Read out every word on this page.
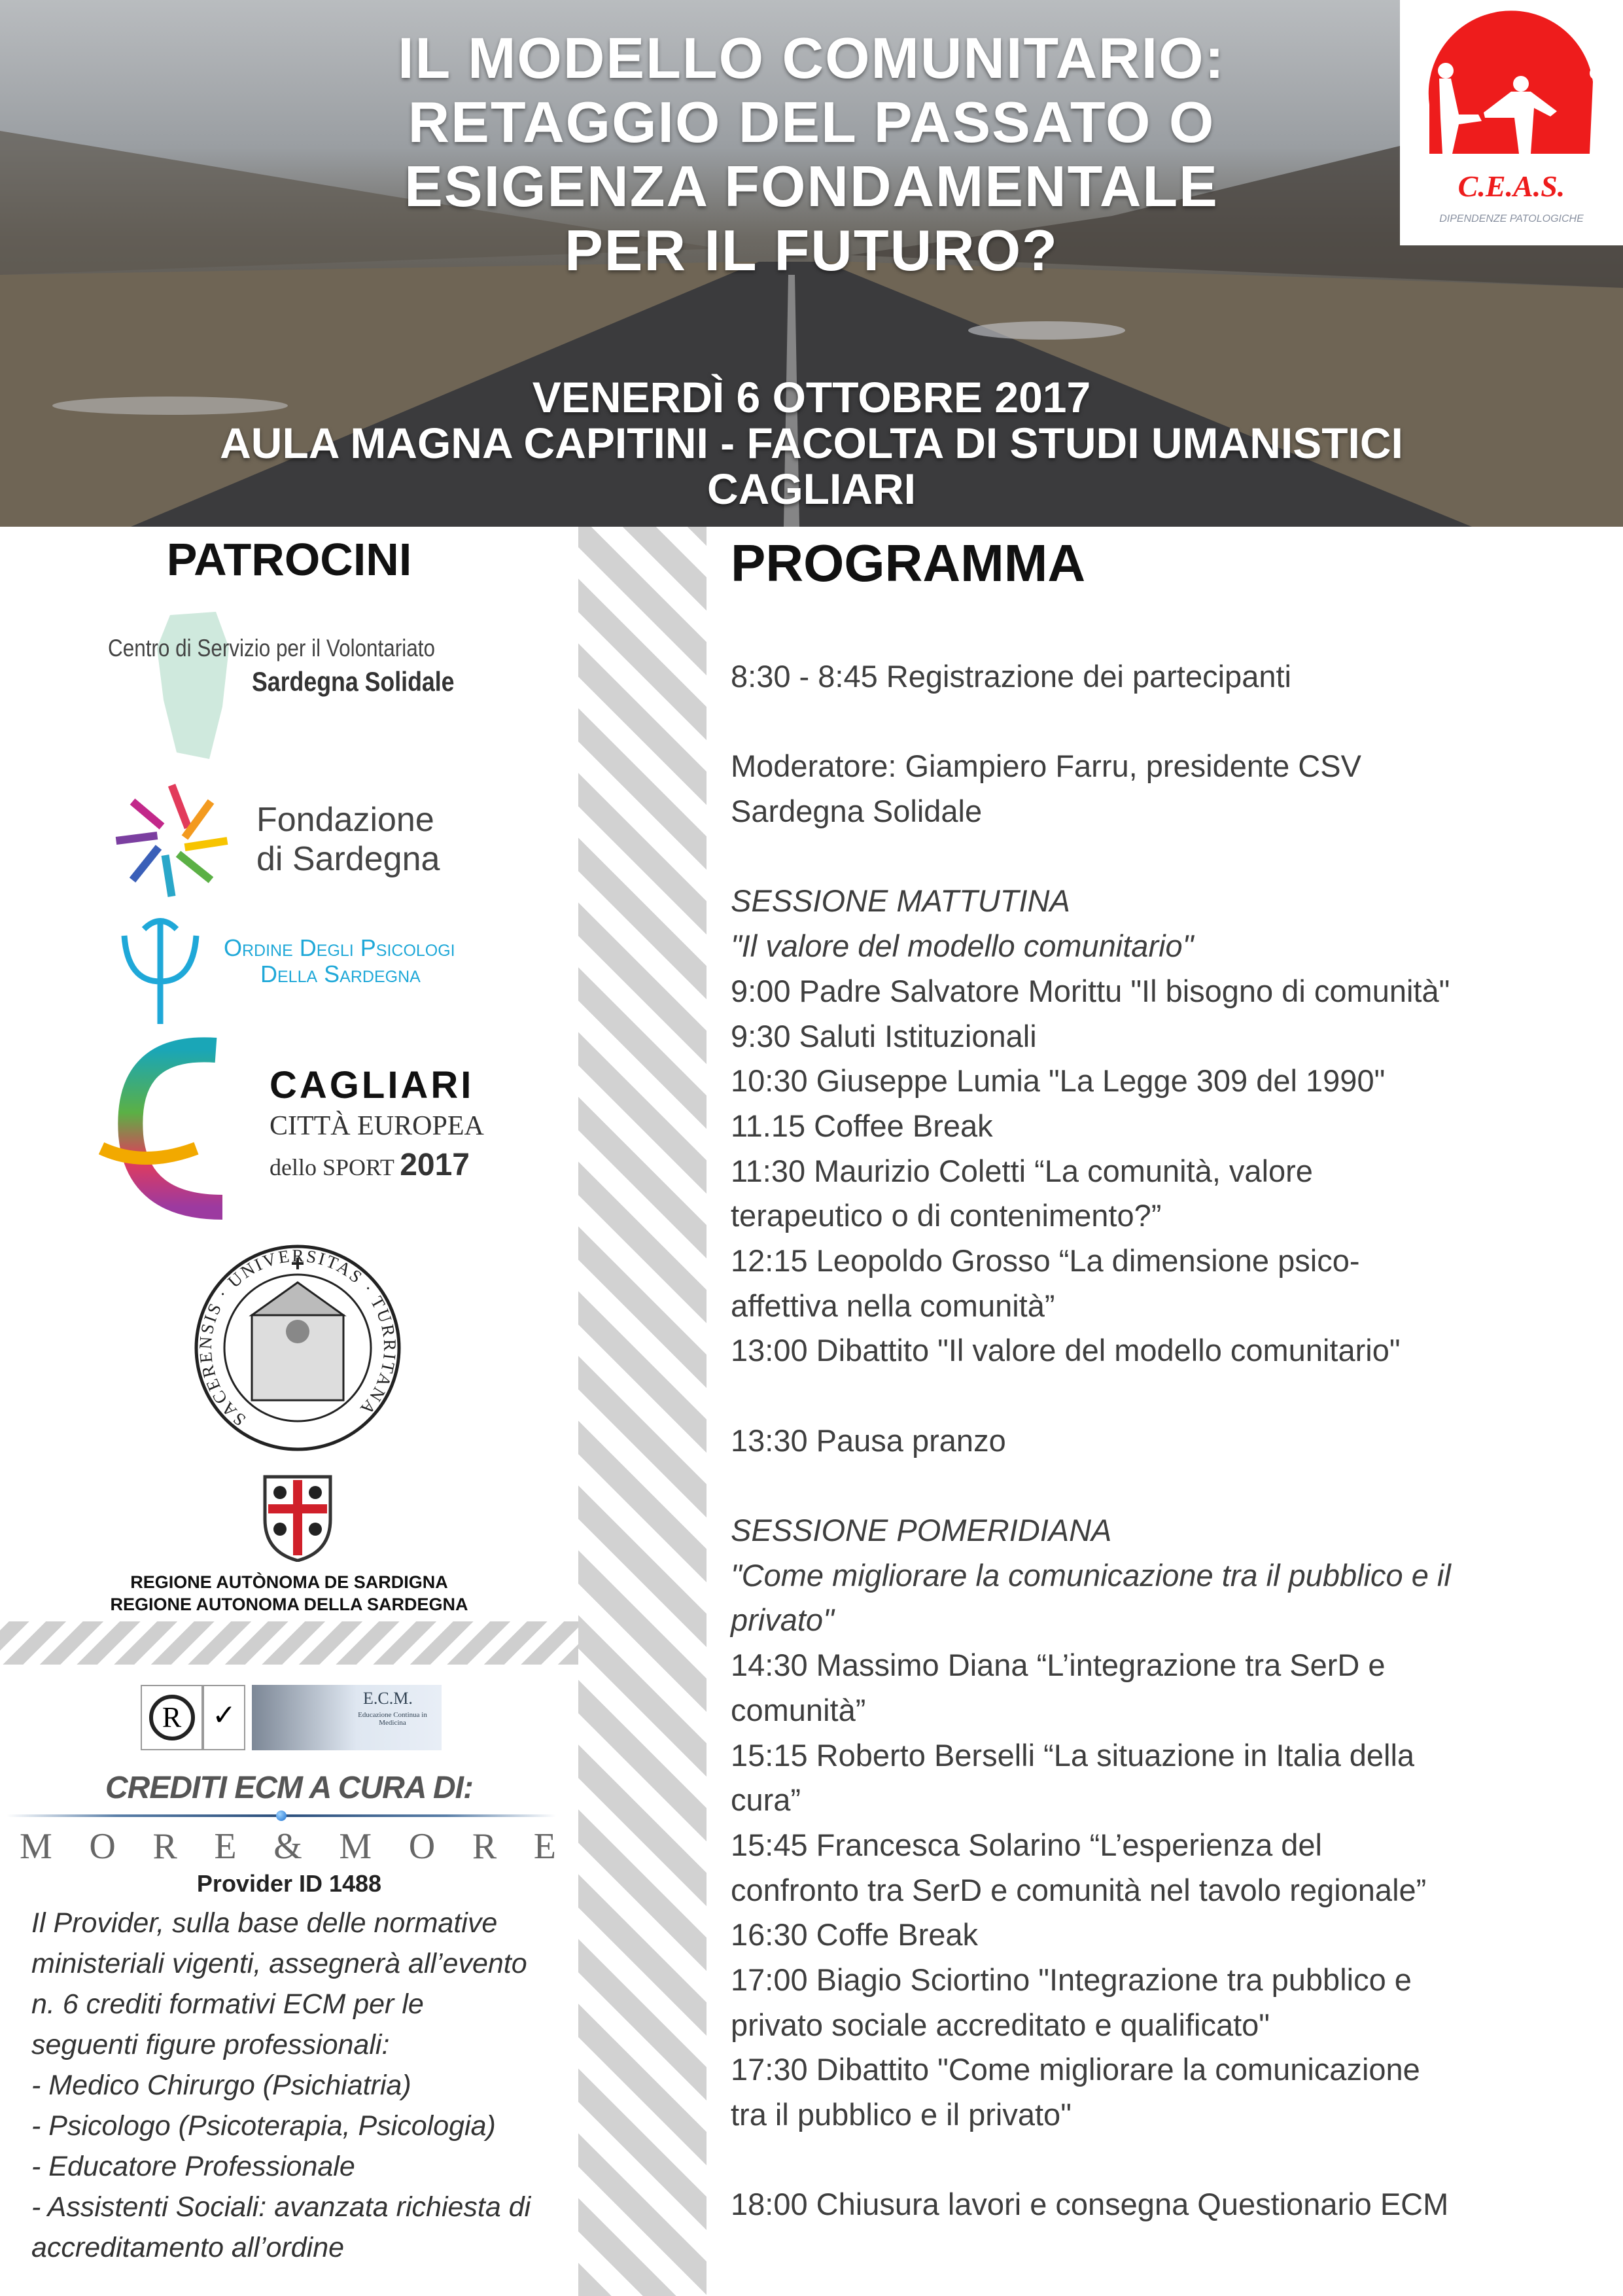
IL MODELLO COMUNITARIO:
RETAGGIO DEL PASSATO O
ESIGENZA FONDAMENTALE
PER IL FUTURO?
VENERDÌ 6 OTTOBRE 2017
AULA MAGNA CAPITINI - FACOLTA DI STUDI UMANISTICI
CAGLIARI
C.E.A.S.
DIPENDENZE PATOLOGICHE
PATROCINI	PROGRAMMA
Centro di Servizio per il Volontariato
Sardegna Solidale
Fondazione
di Sardegna
Ordine Degli Psicologi
Della Sardegna
CAGLIARI
CITTÀ EUROPEA
dello SPORT 2017
SACERENSIS · UNIVERSITAS · TURRITANA
REGIONE AUTÒNOMA DE SARDIGNA
REGIONE AUTONOMA DELLA SARDEGNA
R	✓
E.C.M.
Educazione Continua in Medicina
CREDITI ECM A CURA DI:
M O R E & M O R E
Provider ID 1488
Il Provider, sulla base delle normative
ministeriali vigenti, assegnerà all’evento
n. 6 crediti formativi ECM per le
seguenti figure professionali:
- Medico Chirurgo (Psichiatria)
- Psicologo (Psicoterapia, Psicologia)
- Educatore Professionale
- Assistenti Sociali: avanzata richiesta di
accreditamento all’ordine
8:30 - 8:45 Registrazione dei partecipanti
Moderatore: Giampiero Farru, presidente CSV
Sardegna Solidale
SESSIONE MATTUTINA
"Il valore del modello comunitario"
9:00 Padre Salvatore Morittu "Il bisogno di comunità"
9:30 Saluti Istituzionali
10:30 Giuseppe Lumia "La Legge 309 del 1990"
11.15 Coffee Break
11:30 Maurizio Coletti “La comunità, valore
terapeutico o di contenimento?”
12:15 Leopoldo Grosso “La dimensione psico-
affettiva nella comunità”
13:00 Dibattito "Il valore del modello comunitario"
13:30 Pausa pranzo
SESSIONE POMERIDIANA
"Come migliorare la comunicazione tra il pubblico e il
privato"
14:30 Massimo Diana “L’integrazione tra SerD e
comunità”
15:15 Roberto Berselli “La situazione in Italia della
cura”
15:45 Francesca Solarino “L’esperienza del
confronto tra SerD e comunità nel tavolo regionale”
16:30 Coffe Break
17:00 Biagio Sciortino "Integrazione tra pubblico e
privato sociale accreditato e qualificato"
17:30 Dibattito "Come migliorare la comunicazione
tra il pubblico e il privato"
18:00 Chiusura lavori e consegna Questionario ECM
